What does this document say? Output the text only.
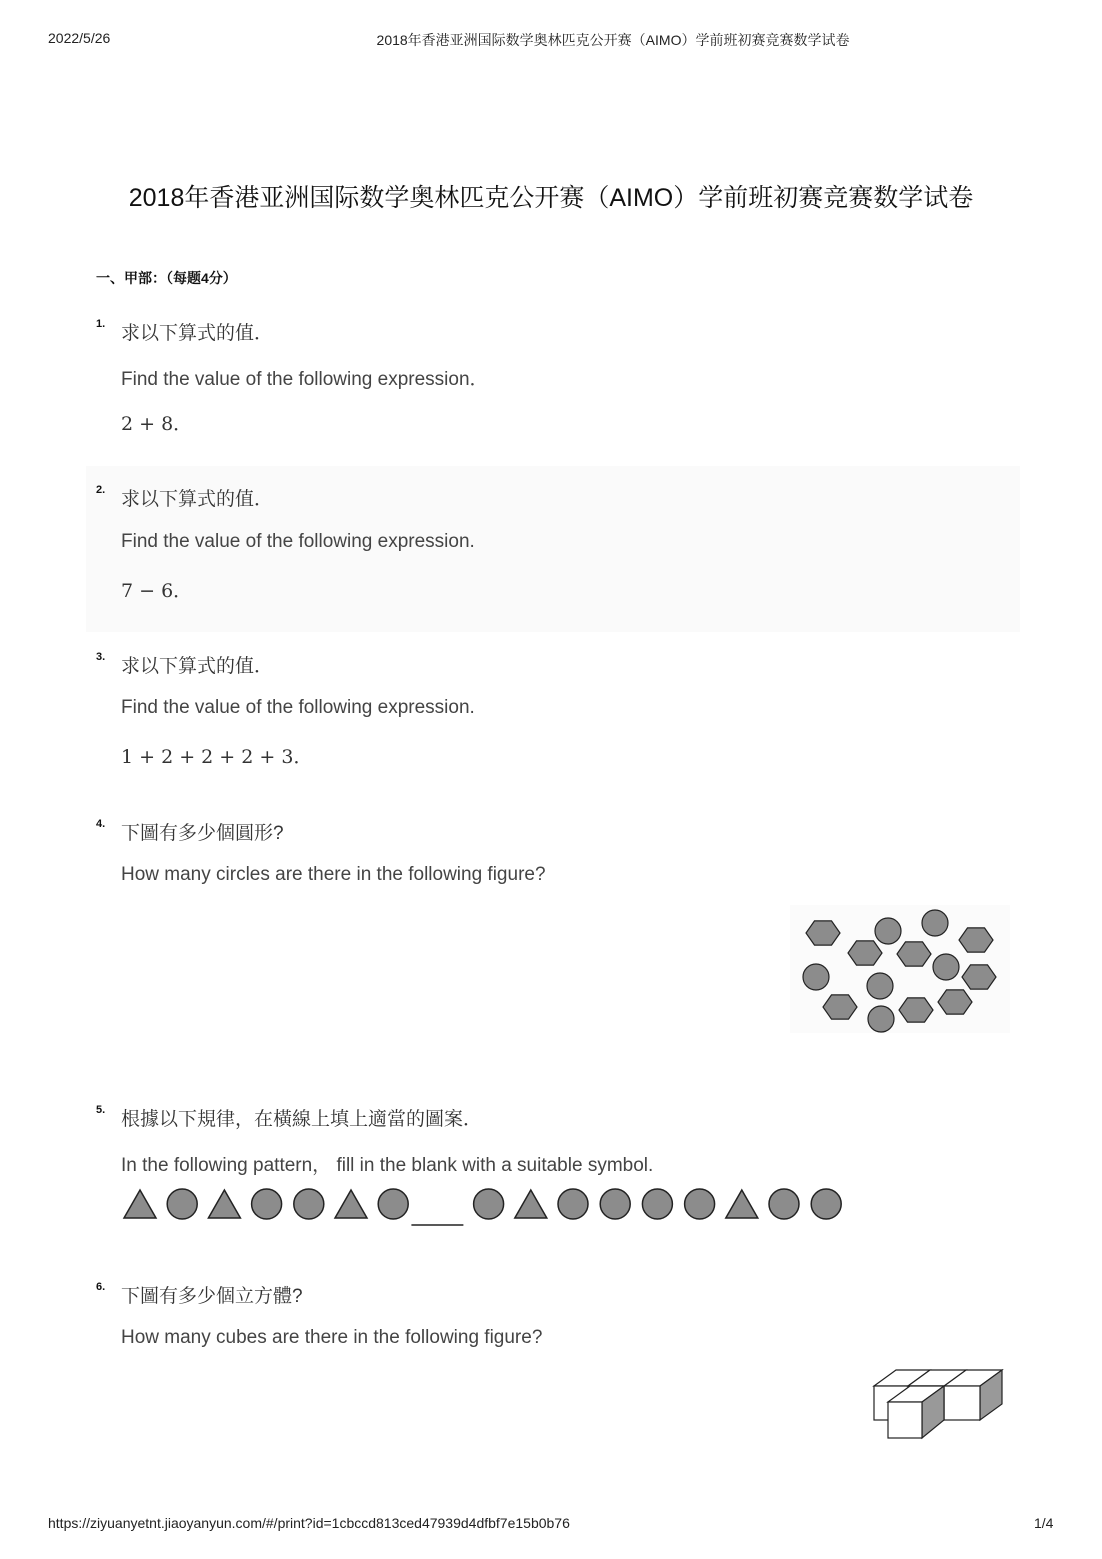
2022/5/26	2018年香港亚洲国际数学奥林匹克公开赛（AIMO）学前班初赛竞赛数学试卷
2018年香港亚洲国际数学奥林匹克公开赛（AIMO）学前班初赛竞赛数学试卷
一、甲部：（每题4分）
1. 求以下算式的值．
Find the value of the following expression．
2 + 8．
2. 求以下算式的值．
Find the value of the following expression.
7 − 6．
3. 求以下算式的值．
Find the value of the following expression.
1 + 2 + 2 + 2 + 3．
4. 下圖有多少個圓形?
How many circles are there in the following figure?
5. 根據以下規律，在橫線上填上適當的圖案．
In the following pattern， fill in the blank with a suitable symbol.
6. 下圖有多少個立方體?
How many cubes are there in the following figure?
https://ziyuanyetnt.jiaoyanyun.com/#/print?id=1cbccd813ced47939d4dfbf7e15b0b76	1/4
